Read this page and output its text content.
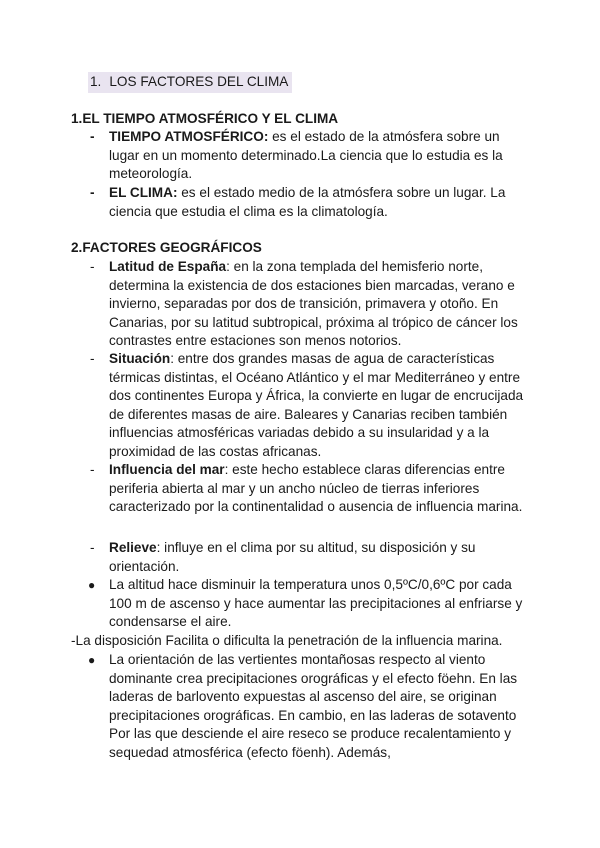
1. LOS FACTORES DEL CLIMA
1.EL TIEMPO ATMOSFÉRICO Y EL CLIMA
- TIEMPO ATMOSFÉRICO: es el estado de la atmósfera sobre un lugar en un momento determinado.La ciencia que lo estudia es la meteorología.
- EL CLIMA: es el estado medio de la atmósfera sobre un lugar. La ciencia que estudia el clima es la climatología.
2.FACTORES GEOGRÁFICOS
- Latitud de España: en la zona templada del hemisferio norte, determina la existencia de dos estaciones bien marcadas, verano e invierno, separadas por dos de transición, primavera y otoño. En Canarias, por su latitud subtropical, próxima al trópico de cáncer los contrastes entre estaciones son menos notorios.
- Situación: entre dos grandes masas de agua de características térmicas distintas, el Océano Atlántico y el mar Mediterráneo y entre dos continentes Europa y África, la convierte en lugar de encrucijada de diferentes masas de aire. Baleares y Canarias reciben también influencias atmosféricas variadas debido a su insularidad y a la proximidad de las costas africanas.
- Influencia del mar: este hecho establece claras diferencias entre periferia abierta al mar y un ancho núcleo de tierras inferiores caracterizado por la continentalidad o ausencia de influencia marina.
- Relieve: influye en el clima por su altitud, su disposición y su orientación.
● La altitud hace disminuir la temperatura unos 0,5ºC/0,6ºC por cada 100 m de ascenso y hace aumentar las precipitaciones al enfriarse y condensarse el aire.
-La disposición Facilita o dificulta la penetración de la influencia marina.
● La orientación de las vertientes montañosas respecto al viento dominante crea precipitaciones orográficas y el efecto föehn. En las laderas de barlovento expuestas al ascenso del aire, se originan precipitaciones orográficas. En cambio, en las laderas de sotavento Por las que desciende el aire reseco se produce recalentamiento y sequedad atmosférica (efecto föenh). Además,
